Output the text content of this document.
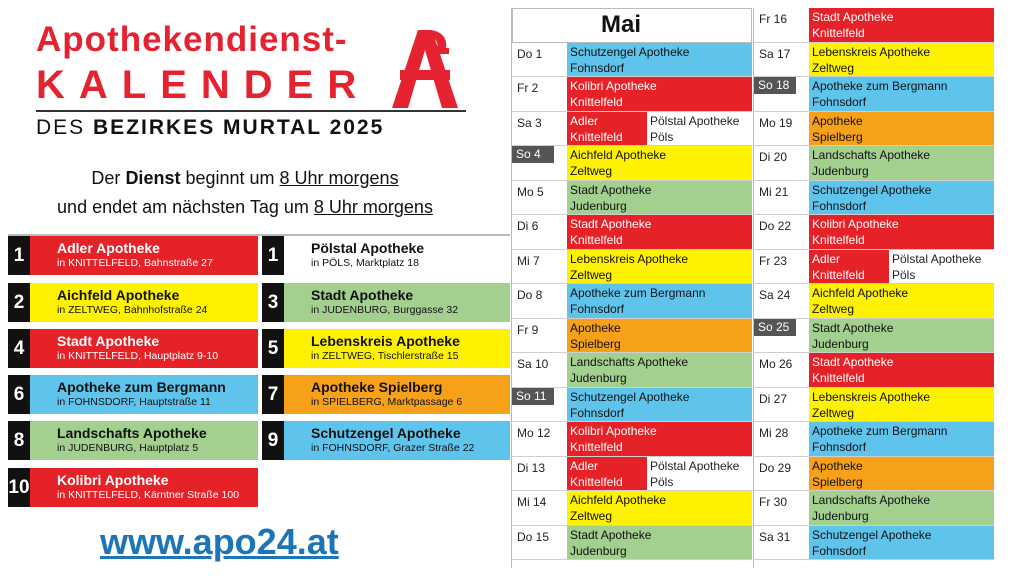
Apothekendienst-
KALENDER
DES BEZIRKES MURTAL 2025
Der Dienst beginnt um 8 Uhr morgens
und endet am nächsten Tag um 8 Uhr morgens
1	Adler Apotheke
in KNITTELFELD, Bahnstraße 27	1	Pölstal Apotheke
in PÖLS, Marktplatz 18
2	Aichfeld Apotheke
in ZELTWEG, Bahnhofstraße 24	3	Stadt Apotheke
in JUDENBURG, Burggasse 32
4	Stadt Apotheke
in KNITTELFELD, Hauptplatz 9-10	5	Lebenskreis Apotheke
in ZELTWEG, Tischlerstraße 15
6	Apotheke zum Bergmann
in FOHNSDORF, Hauptstraße 11	7	Apotheke Spielberg
in SPIELBERG, Marktpassage 6
8	Landschafts Apotheke
in JUDENBURG, Hauptplatz 5	9	Schutzengel Apotheke
in FOHNSDORF, Grazer Straße 22
10 Kolibri Apotheke
in KNITTELFELD, Kärntner Straße 100
www.apo24.at
Mai
Do 1	Schutzengel Apotheke
Fohnsdorf
Fr 2	Kolibri Apotheke
Knittelfeld
Sa 3	Adler
Knittelfeld
Pölstal Apotheke
Pöls
So 4	Aichfeld Apotheke
Zeltweg
Mo 5	Stadt Apotheke
Judenburg
Di 6	Stadt Apotheke
Knittelfeld
Mi 7	Lebenskreis Apotheke
Zeltweg
Do 8	Apotheke zum Bergmann
Fohnsdorf
Fr 9	Apotheke
Spielberg
Sa 10	Landschafts Apotheke
Judenburg
So 11	Schutzengel Apotheke
Fohnsdorf
Mo 12	Kolibri Apotheke
Knittelfeld
Di 13	Adler
Knittelfeld
Pölstal Apotheke
Pöls
Mi 14	Aichfeld Apotheke
Zeltweg
Do 15	Stadt Apotheke
Judenburg
Fr 16	Stadt Apotheke
Knittelfeld
Sa 17	Lebenskreis Apotheke
Zeltweg
So 18	Apotheke zum Bergmann
Fohnsdorf
Mo 19	Apotheke
Spielberg
Di 20	Landschafts Apotheke
Judenburg
Mi 21	Schutzengel Apotheke
Fohnsdorf
Do 22	Kolibri Apotheke
Knittelfeld
Fr 23	Adler
Knittelfeld
Pölstal Apotheke
Pöls
Sa 24	Aichfeld Apotheke
Zeltweg
So 25	Stadt Apotheke
Judenburg
Mo 26	Stadt Apotheke
Knittelfeld
Di 27	Lebenskreis Apotheke
Zeltweg
Mi 28	Apotheke zum Bergmann
Fohnsdorf
Do 29	Apotheke
Spielberg
Fr 30	Landschafts Apotheke
Judenburg
Sa 31	Schutzengel Apotheke
Fohnsdorf
